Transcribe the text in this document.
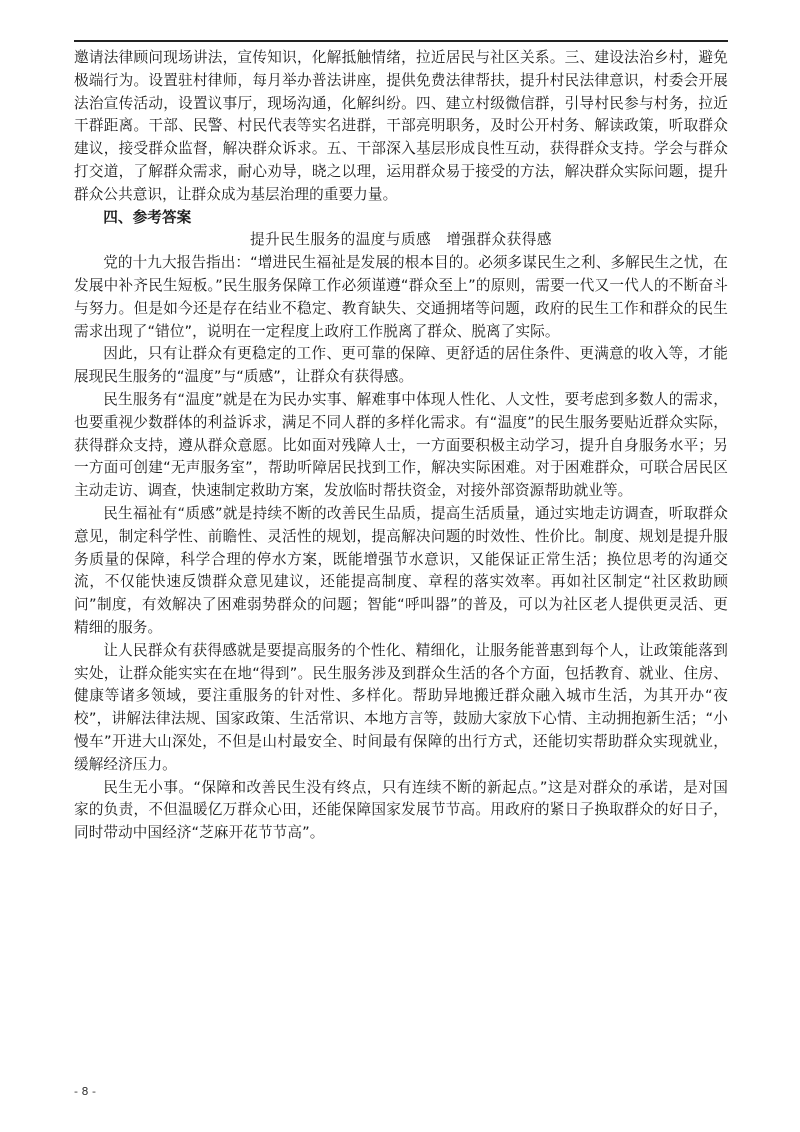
邀请法律顾问现场讲法，宣传知识，化解抵触情绪，拉近居民与社区关系。三、建设法治乡村，避免极端行为。设置驻村律师，每月举办普法讲座，提供免费法律帮扶，提升村民法律意识，村委会开展法治宣传活动，设置议事厅，现场沟通，化解纠纷。四、建立村级微信群，引导村民参与村务，拉近干群距离。干部、民警、村民代表等实名进群，干部亮明职务，及时公开村务、解读政策，听取群众建议，接受群众监督，解决群众诉求。五、干部深入基层形成良性互动，获得群众支持。学会与群众打交道，了解群众需求，耐心劝导，晓之以理，运用群众易于接受的方法，解决群众实际问题，提升群众公共意识，让群众成为基层治理的重要力量。

四、参考答案

提升民生服务的温度与质感　增强群众获得感

党的十九大报告指出：“增进民生福祉是发展的根本目的。必须多谋民生之利、多解民生之忧，在发展中补齐民生短板。”民生服务保障工作必须谨遵“群众至上”的原则，需要一代又一代人的不断奋斗与努力。但是如今还是存在结业不稳定、教育缺失、交通拥堵等问题，政府的民生工作和群众的民生需求出现了“错位”，说明在一定程度上政府工作脱离了群众、脱离了实际。

因此，只有让群众有更稳定的工作、更可靠的保障、更舒适的居住条件、更满意的收入等，才能展现民生服务的“温度”与“质感”，让群众有获得感。

民生服务有“温度”就是在为民办实事、解难事中体现人性化、人文性，要考虑到多数人的需求，也要重视少数群体的利益诉求，满足不同人群的多样化需求。有“温度”的民生服务要贴近群众实际，获得群众支持，遵从群众意愿。比如面对残障人士，一方面要积极主动学习，提升自身服务水平；另一方面可创建“无声服务室”，帮助听障居民找到工作，解决实际困难。对于困难群众，可联合居民区主动走访、调查，快速制定救助方案，发放临时帮扶资金，对接外部资源帮助就业等。

民生福祉有“质感”就是持续不断的改善民生品质，提高生活质量，通过实地走访调查，听取群众意见，制定科学性、前瞻性、灵活性的规划，提高解决问题的时效性、性价比。制度、规划是提升服务质量的保障，科学合理的停水方案，既能增强节水意识，又能保证正常生活；换位思考的沟通交流，不仅能快速反馈群众意见建议，还能提高制度、章程的落实效率。再如社区制定“社区救助顾问”制度，有效解决了困难弱势群众的问题；智能“呼叫器”的普及，可以为社区老人提供更灵活、更精细的服务。

让人民群众有获得感就是要提高服务的个性化、精细化，让服务能普惠到每个人，让政策能落到实处，让群众能实实在在地“得到”。民生服务涉及到群众生活的各个方面，包括教育、就业、住房、健康等诸多领域，要注重服务的针对性、多样化。帮助异地搬迁群众融入城市生活，为其开办“夜校”，讲解法律法规、国家政策、生活常识、本地方言等，鼓励大家放下心情、主动拥抱新生活；“小慢车”开进大山深处，不但是山村最安全、时间最有保障的出行方式，还能切实帮助群众实现就业，缓解经济压力。

民生无小事。“保障和改善民生没有终点，只有连续不断的新起点。”这是对群众的承诺，是对国家的负责，不但温暖亿万群众心田，还能保障国家发展节节高。用政府的紧日子换取群众的好日子，同时带动中国经济“芝麻开花节节高”。

- 8 -
